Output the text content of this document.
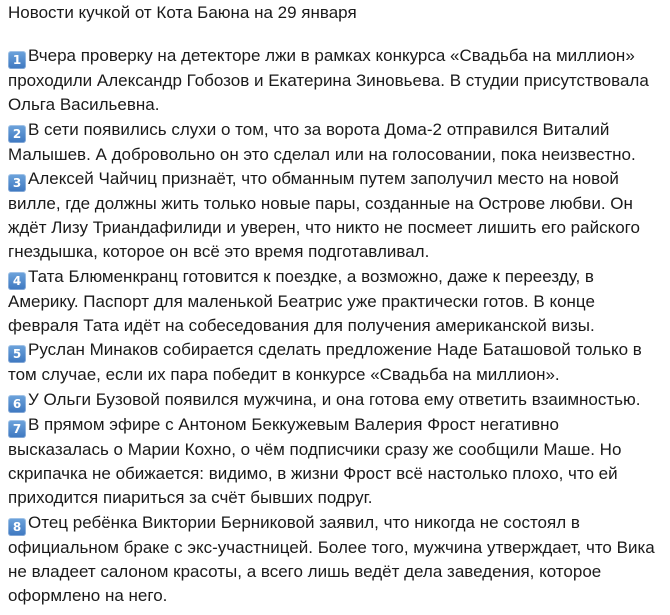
Новости кучкой от Кота Баюна на 29 января
1 Вчера проверку на детекторе лжи в рамках конкурса «Свадьба на миллион» проходили Александр Гобозов и Екатерина Зиновьева. В студии присутствовала Ольга Васильевна.
2 В сети появились слухи о том, что за ворота Дома-2 отправился Виталий Малышев. А добровольно он это сделал или на голосовании, пока неизвестно.
3 Алексей Чайчиц признаёт, что обманным путем заполучил место на новой вилле, где должны жить только новые пары, созданные на Острове любви. Он ждёт Лизу Триандафилиди и уверен, что никто не посмеет лишить его райского гнездышка, которое он всё это время подготавливал.
4 Тата Блюменкранц готовится к поездке, а возможно, даже к переезду, в Америку. Паспорт для маленькой Беатрис уже практически готов. В конце февраля Тата идёт на собеседования для получения американской визы.
5 Руслан Минаков собирается сделать предложение Наде Баташовой только в том случае, если их пара победит в конкурсе «Свадьба на миллион».
6 У Ольги Бузовой появился мужчина, и она готова ему ответить взаимностью.
7 В прямом эфире с Антоном Беккужевым Валерия Фрост негативно высказалась о Марии Кохно, о чём подписчики сразу же сообщили Маше. Но скрипачка не обижается: видимо, в жизни Фрост всё настолько плохо, что ей приходится пиариться за счёт бывших подруг.
8 Отец ребёнка Виктории Берниковой заявил, что никогда не состоял в официальном браке с экс-участницей. Более того, мужчина утверждает, что Вика не владеет салоном красоты, а всего лишь ведёт дела заведения, которое оформлено на него.
